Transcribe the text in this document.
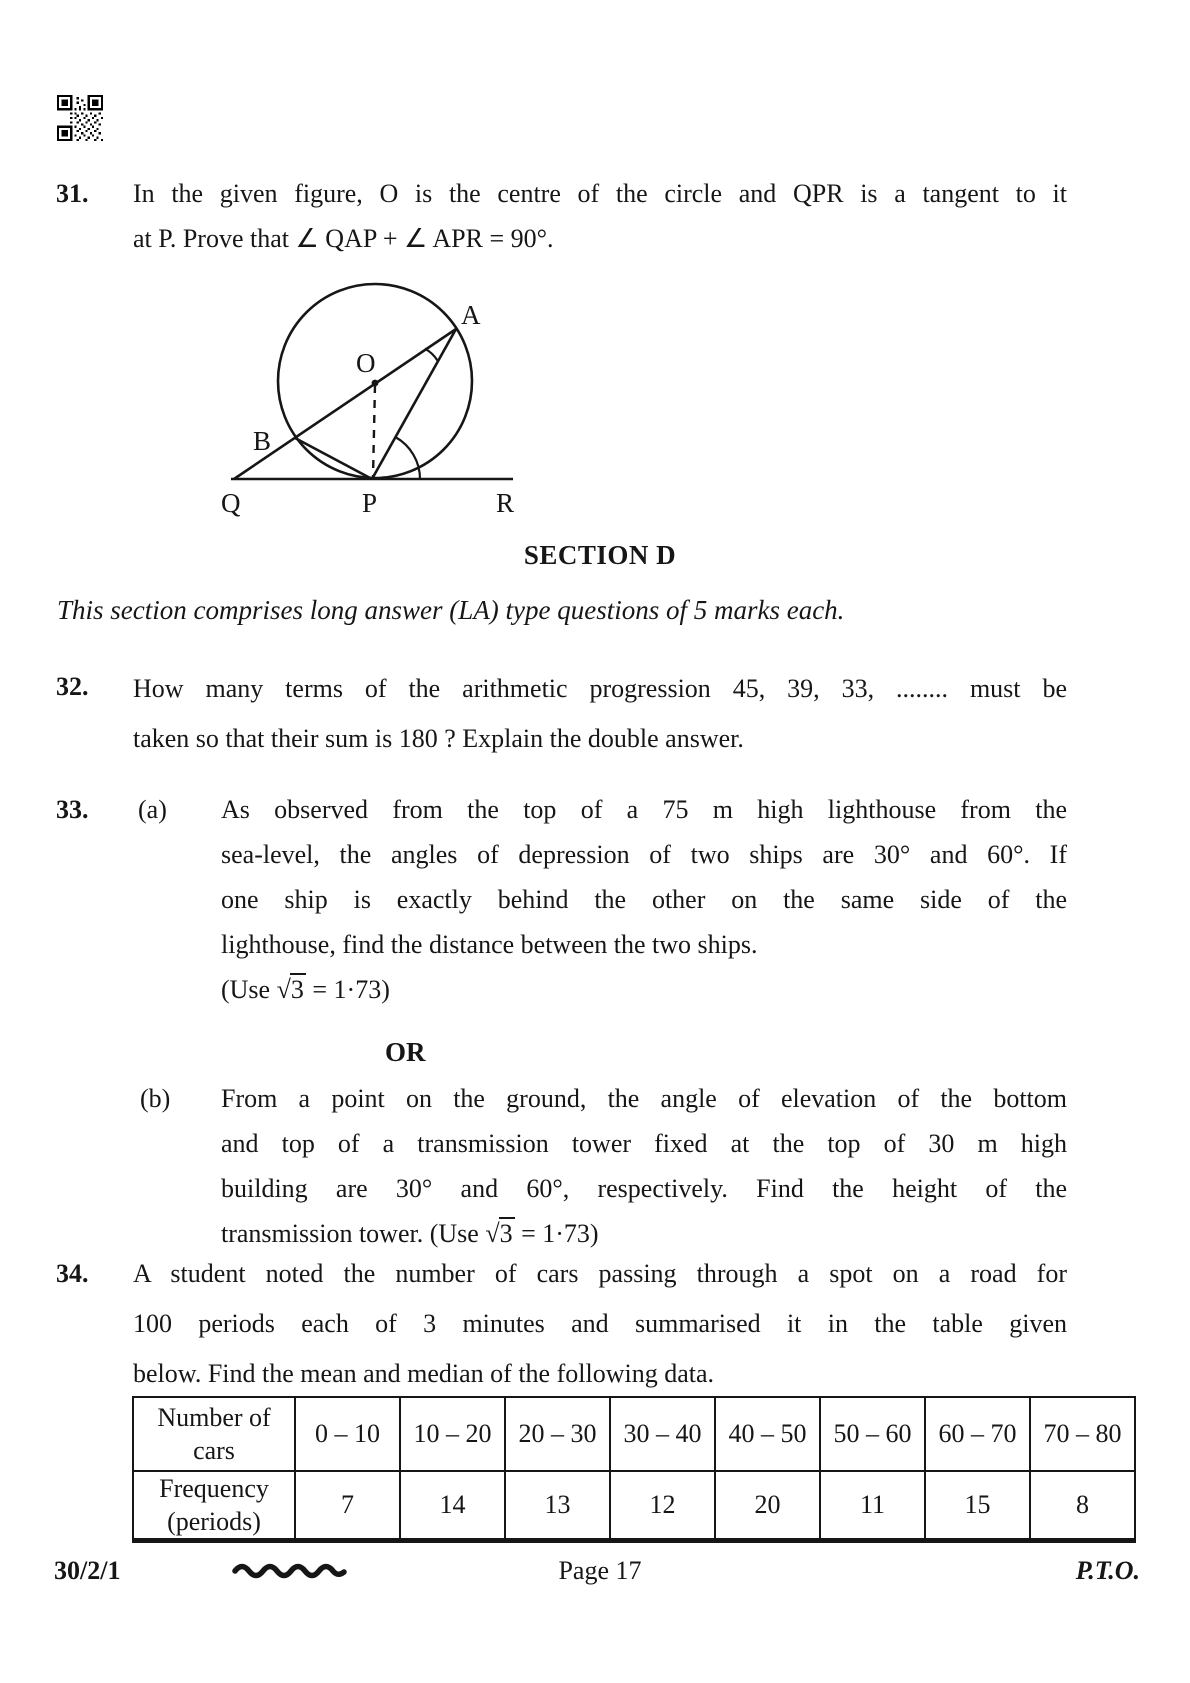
31. In the given figure, O is the centre of the circle and QPR is a tangent to it
at P. Prove that ∠ QAP + ∠ APR = 90°.
O
A
B
Q	P	R
SECTION D
This section comprises long answer (LA) type questions of 5 marks each.
32. How many terms of the arithmetic progression 45, 39, 33, ........ must be
taken so that their sum is 180 ? Explain the double answer.
33. (a) As observed from the top of a 75 m high lighthouse from the
sea-level, the angles of depression of two ships are 30° and 60°. If
one ship is exactly behind the other on the same side of the
lighthouse, find the distance between the two ships.
(Use √3 = 1·73)
OR
(b) From a point on the ground, the angle of elevation of the bottom
and top of a transmission tower fixed at the top of 30 m high
building are 30° and 60°, respectively. Find the height of the
transmission tower. (Use √3 = 1·73)
34. A student noted the number of cars passing through a spot on a road for
100 periods each of 3 minutes and summarised it in the table given
below. Find the mean and median of the following data.
Number of
cars	0 – 10	10 – 20	20 – 30	30 – 40	40 – 50	50 – 60	60 – 70	70 – 80

Frequency
(periods)	7	14	13	12	20	11	15	8
30/2/1	Page 17	P.T.O.
